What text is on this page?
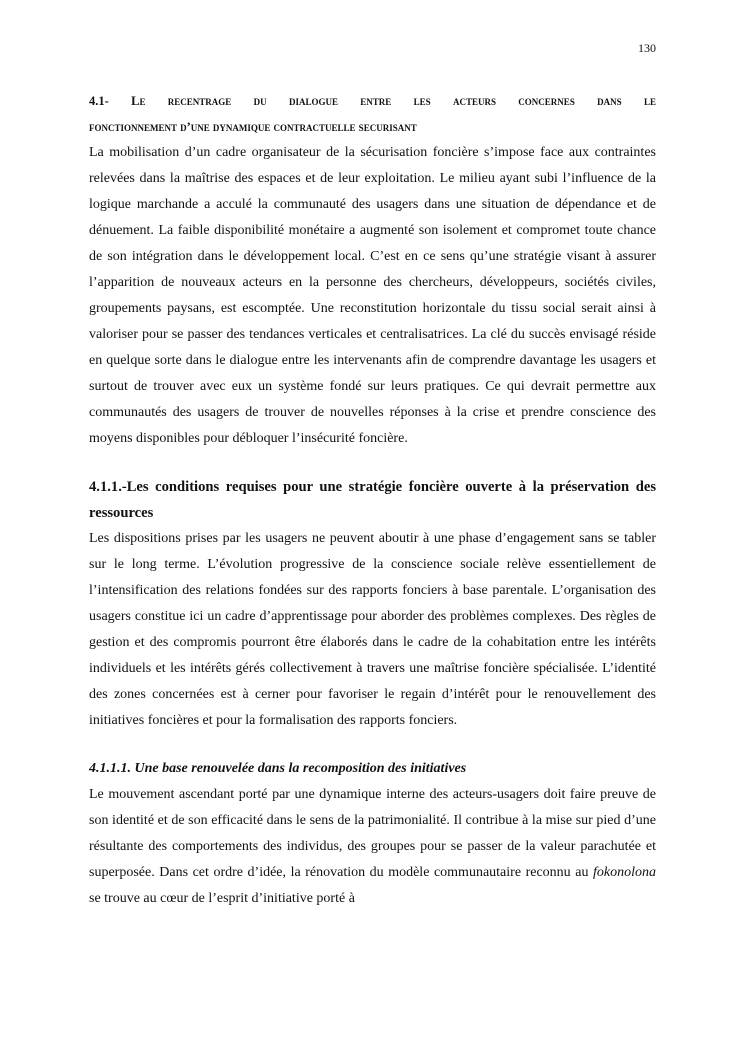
130
4.1- Le recentrage du dialogue entre les acteurs concernes dans le
fonctionnement d’une dynamique contractuelle securisant

La mobilisation d’un cadre organisateur de la sécurisation foncière s’impose face aux contraintes relevées dans la maîtrise des espaces et de leur exploitation. Le milieu ayant subi l’influence de la logique marchande a acculé la communauté des usagers dans une situation de dépendance et de dénuement. La faible disponibilité monétaire a augmenté son isolement et compromet toute chance de son intégration dans le développement local. C’est en ce sens qu’une stratégie visant à assurer l’apparition de nouveaux acteurs en la personne des chercheurs, développeurs, sociétés civiles, groupements paysans, est escomptée. Une reconstitution horizontale du tissu social serait ainsi à valoriser pour se passer des tendances verticales et centralisatrices. La clé du succès envisagé réside en quelque sorte dans le dialogue entre les intervenants afin de comprendre davantage les usagers et surtout de trouver avec eux un système fondé sur leurs pratiques. Ce qui devrait permettre aux communautés des usagers de trouver de nouvelles réponses à la crise et prendre conscience des moyens disponibles pour débloquer l’insécurité foncière.

4.1.1.-Les conditions requises pour une stratégie foncière ouverte à la préservation des ressources

Les dispositions prises par les usagers ne peuvent aboutir à une phase d’engagement sans se tabler sur le long terme. L’évolution progressive de la conscience sociale relève essentiellement de l’intensification des relations fondées sur des rapports fonciers à base parentale. L’organisation des usagers constitue ici un cadre d’apprentissage pour aborder des problèmes complexes. Des règles de gestion et des compromis pourront être élaborés dans le cadre de la cohabitation entre les intérêts individuels et les intérêts gérés collectivement à travers une maîtrise foncière spécialisée. L’identité des zones concernées est à cerner pour favoriser le regain d’intérêt pour le renouvellement des initiatives foncières et pour la formalisation des rapports fonciers.

4.1.1.1. Une base renouvelée dans la recomposition des initiatives

Le mouvement ascendant porté par une dynamique interne des acteurs-usagers doit faire preuve de son identité et de son efficacité dans le sens de la patrimonialité. Il contribue à la mise sur pied d’une résultante des comportements des individus, des groupes pour se passer de la valeur parachutée et superposée. Dans cet ordre d’idée, la rénovation du modèle communautaire reconnu au fokonolona se trouve au cœur de l’esprit d’initiative porté à
